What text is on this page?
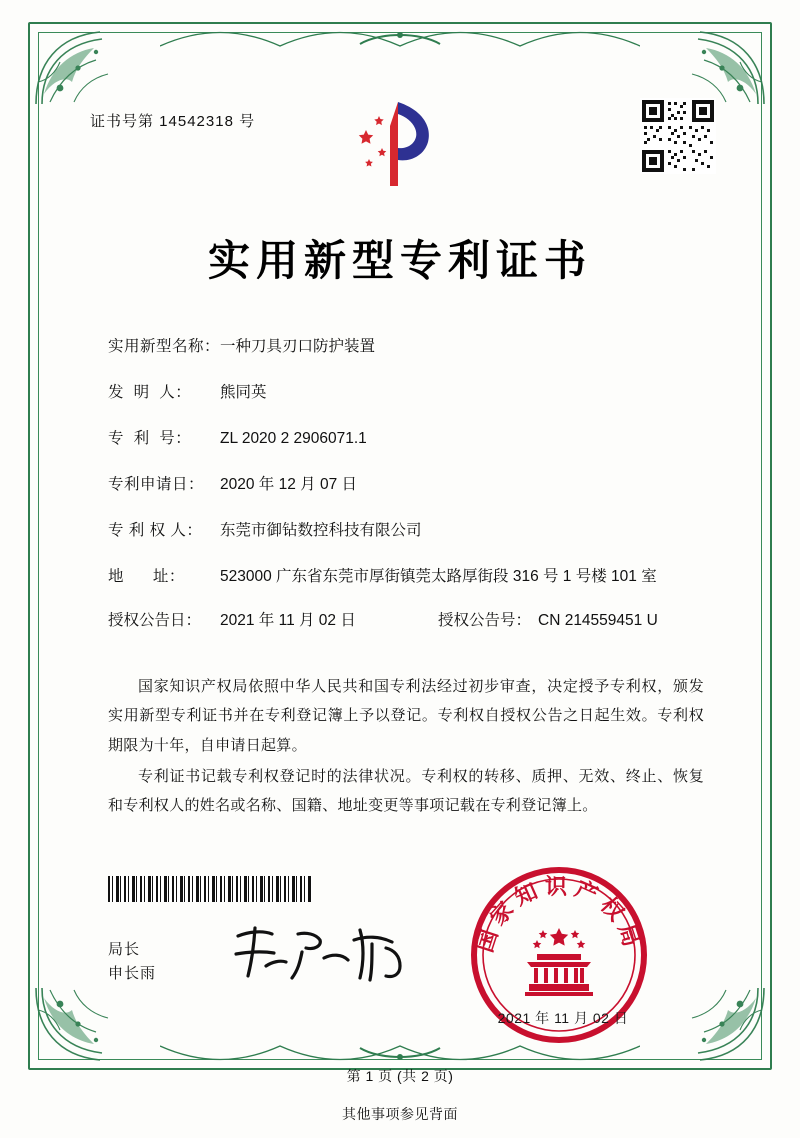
证书号第 14542318 号
实用新型专利证书
实用新型名称： 一种刀具刃口防护装置
发  明  人：	熊同英
专  利  号：	ZL 2020 2 2906071.1
专利申请日：	2020 年 12 月 07 日
专 利 权 人：	东莞市御钻数控科技有限公司
地      址：	523000 广东省东莞市厚街镇莞太路厚街段 316 号 1 号楼 101 室
授权公告日：	2021 年 11 月 02 日	授权公告号： CN 214559451 U

国家知识产权局依照中华人民共和国专利法经过初步审查，决定授予专利权，颁发实用新型专利证书并在专利登记簿上予以登记。专利权自授权公告之日起生效。专利权期限为十年，自申请日起算。

专利证书记载专利权登记时的法律状况。专利权的转移、质押、无效、终止、恢复和专利权人的姓名或名称、国籍、地址变更等事项记载在专利登记簿上。

局长
申长雨
国家知识产权局
2021 年 11 月 02 日
第 1 页 (共 2 页)
其他事项参见背面
